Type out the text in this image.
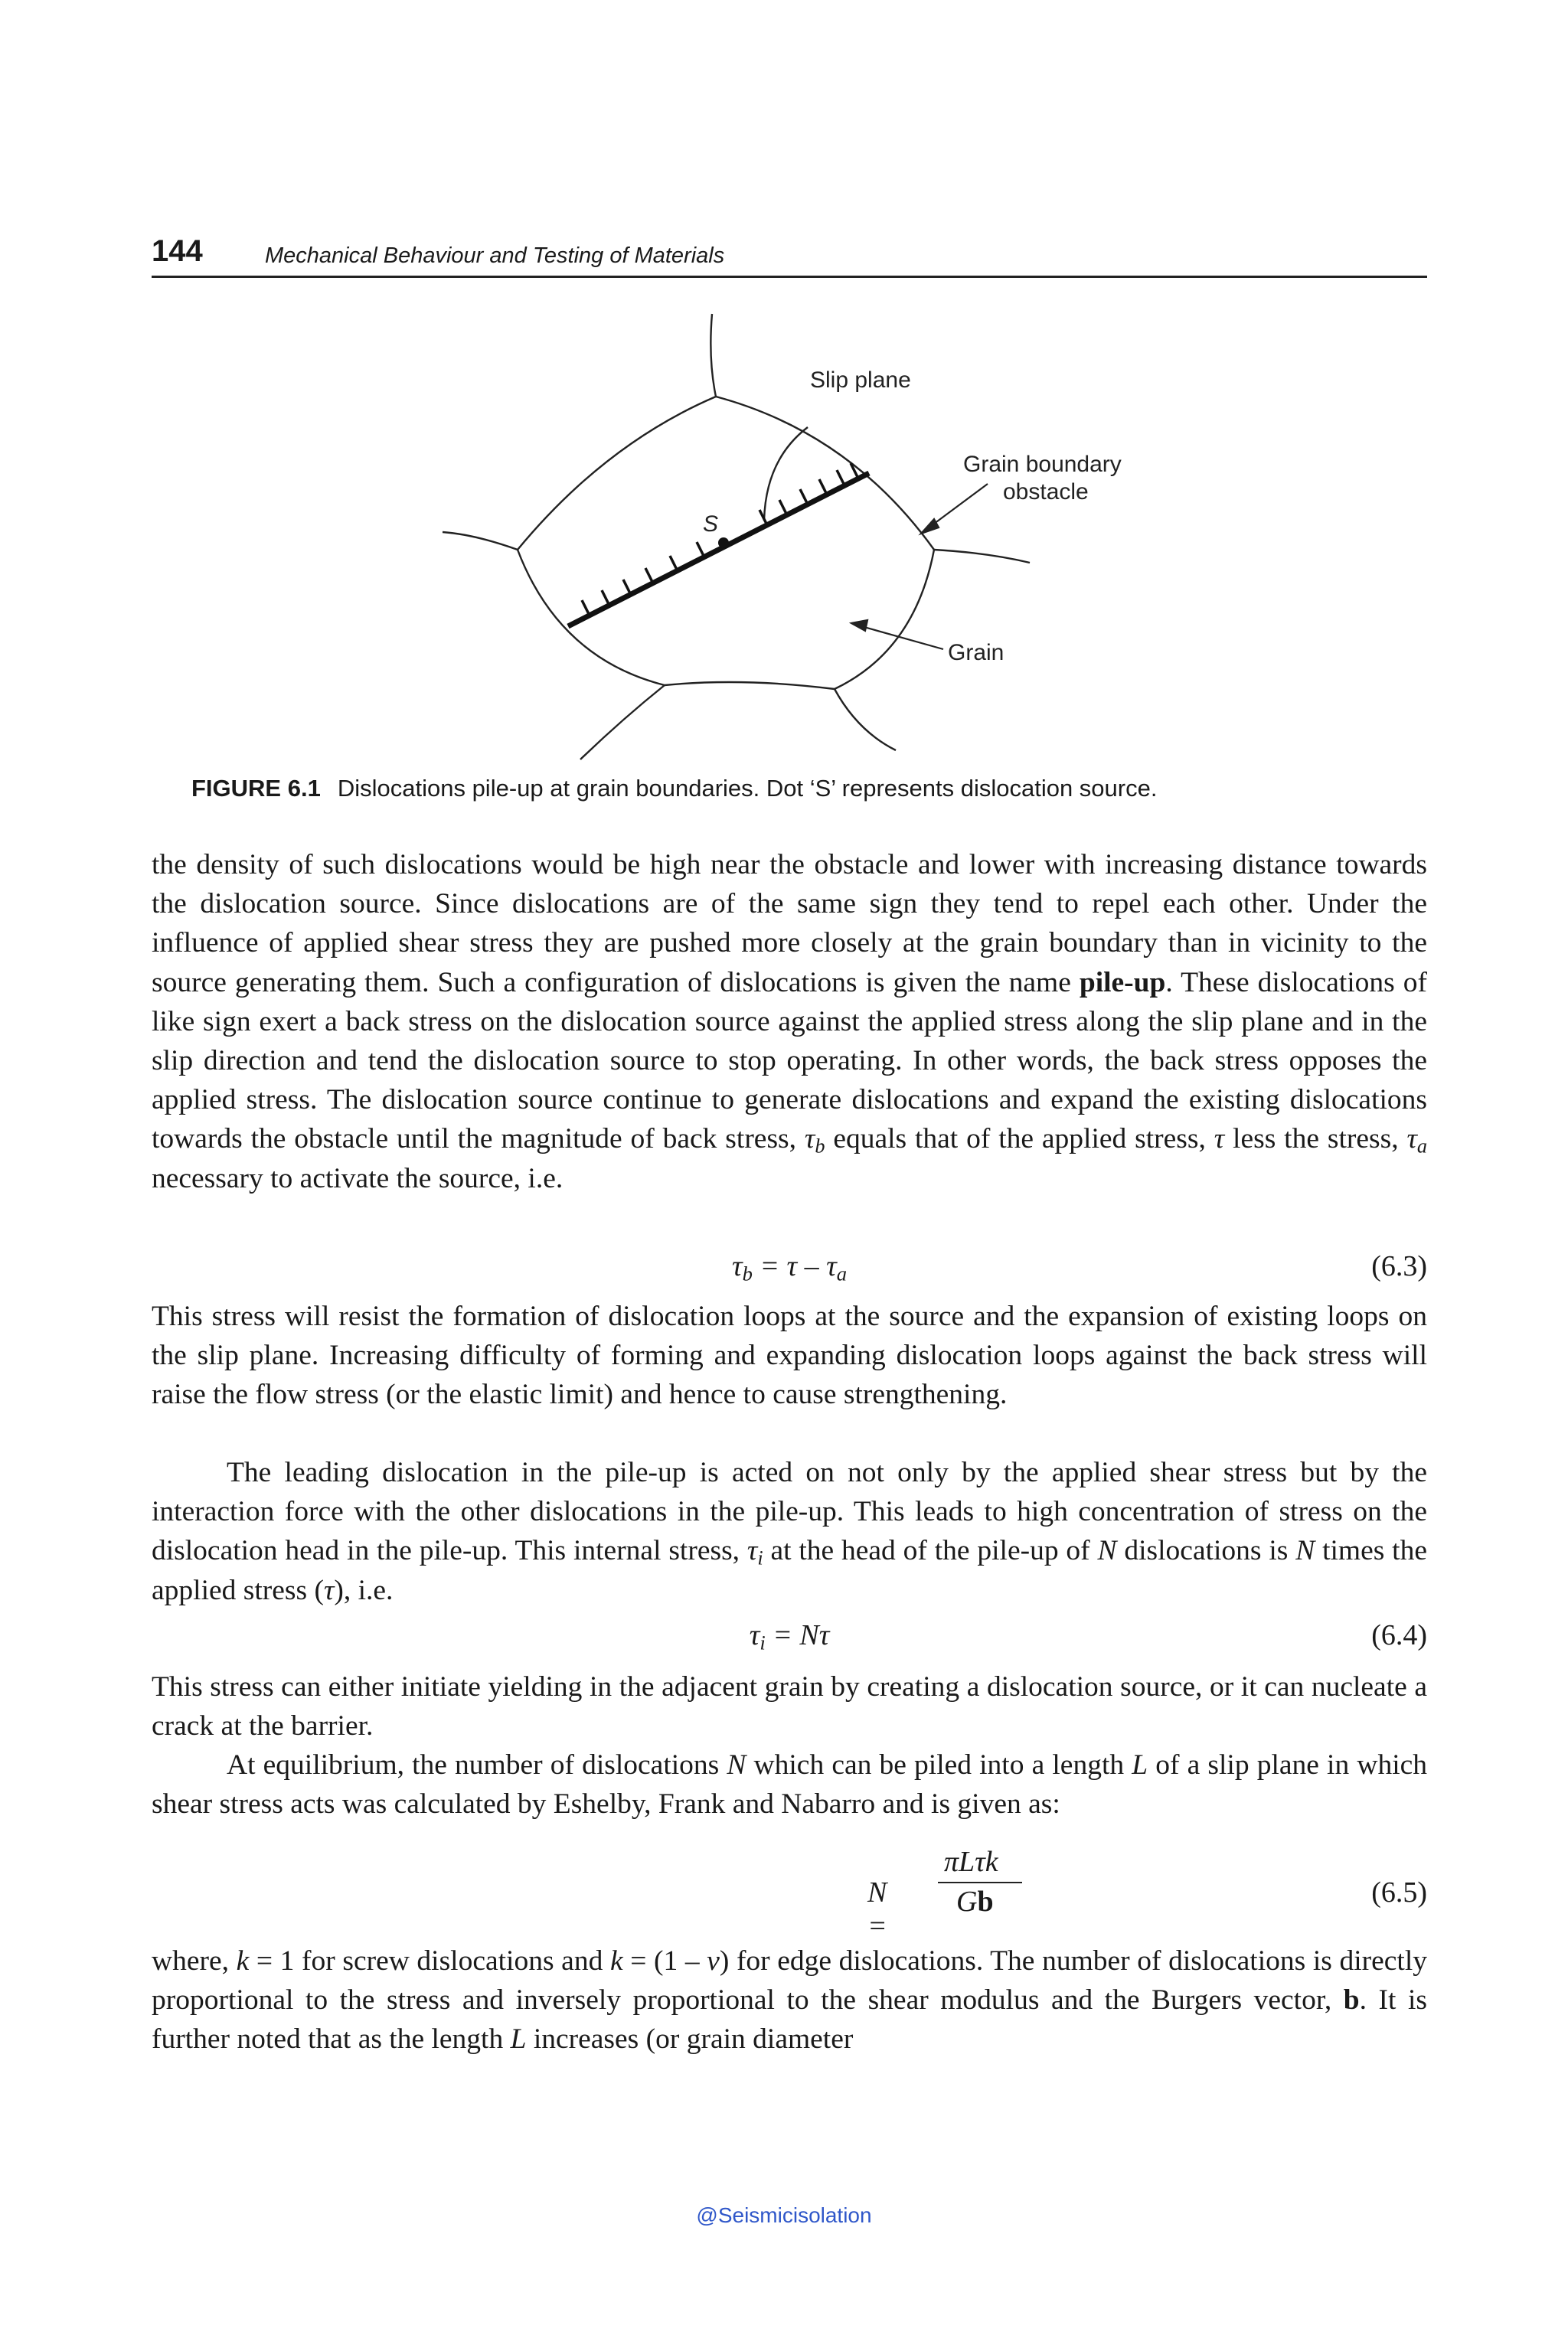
144	Mechanical Behaviour and Testing of Materials
Slip plane
Grain boundary
obstacle
S
Grain
FIGURE 6.1 Dislocations pile-up at grain boundaries. Dot ‘S’ represents dislocation source.
the density of such dislocations would be high near the obstacle and lower with increasing distance towards the dislocation source. Since dislocations are of the same sign they tend to repel each other. Under the influence of applied shear stress they are pushed more closely at the grain boundary than in vicinity to the source generating them. Such a configuration of dislocations is given the name pile-up. These dislocations of like sign exert a back stress on the dislocation source against the applied stress along the slip plane and in the slip direction and tend the dislocation source to stop operating. In other words, the back stress opposes the applied stress. The dislocation source continue to generate dislocations and expand the existing dislocations towards the obstacle until the magnitude of back stress, $\tau_b$ equals that of the applied stress, τ less the stress, $\tau_a$ necessary to activate the source, i.e.
$\tau_b = \tau - \tau_a$	(6.3)
This stress will resist the formation of dislocation loops at the source and the expansion of existing loops on the slip plane. Increasing difficulty of forming and expanding dislocation loops against the back stress will raise the flow stress (or the elastic limit) and hence to cause strengthening.
The leading dislocation in the pile-up is acted on not only by the applied shear stress but by the interaction force with the other dislocations in the pile-up. This leads to high concentration of stress on the dislocation head in the pile-up. This internal stress, $\tau_i$ at the head of the pile-up of N dislocations is N times the applied stress (τ), i.e.
$\tau_i = N\tau$	(6.4)
This stress can either initiate yielding in the adjacent grain by creating a dislocation source, or it can nucleate a crack at the barrier.
At equilibrium, the number of dislocations N which can be piled into a length L of a slip plane in which shear stress acts was calculated by Eshelby, Frank and Nabarro and is given as:
N =
πLτk
Gb	(6.5)
where, k = 1 for screw dislocations and k = (1 – ν) for edge dislocations. The number of dislocations is directly proportional to the stress and inversely proportional to the shear modulus and the Burgers vector, b. It is further noted that as the length L increases (or grain diameter
@Seismicisolation
